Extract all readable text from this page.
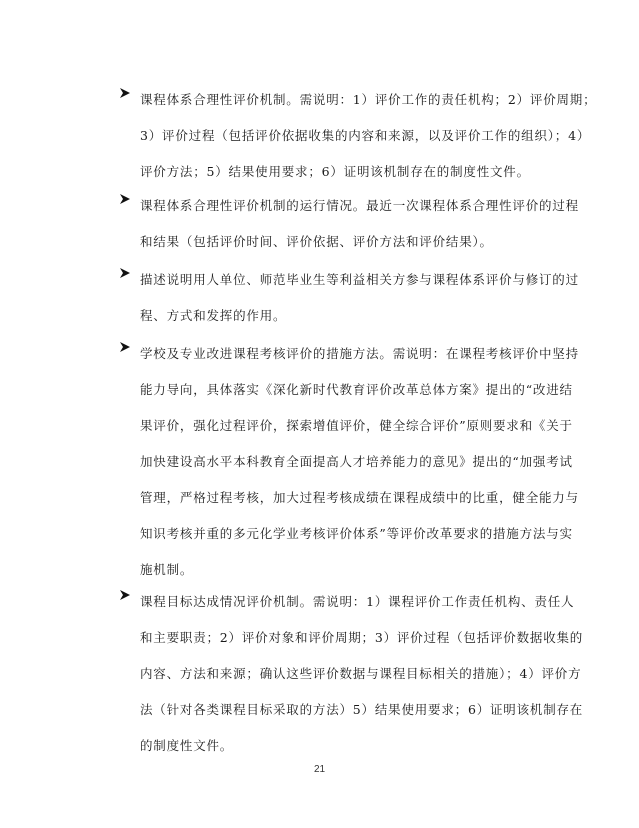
课程体系合理性评价机制。需说明：1）评价工作的责任机构；2）评价周期；
3）评价过程（包括评价依据收集的内容和来源，以及评价工作的组织）；4）
评价方法；5）结果使用要求；6）证明该机制存在的制度性文件。
课程体系合理性评价机制的运行情况。最近一次课程体系合理性评价的过程
和结果（包括评价时间、评价依据、评价方法和评价结果）。
描述说明用人单位、师范毕业生等利益相关方参与课程体系评价与修订的过
程、方式和发挥的作用。
学校及专业改进课程考核评价的措施方法。需说明：在课程考核评价中坚持
能力导向，具体落实《深化新时代教育评价改革总体方案》提出的“改进结
果评价，强化过程评价，探索增值评价，健全综合评价”原则要求和《关于
加快建设高水平本科教育全面提高人才培养能力的意见》提出的“加强考试
管理，严格过程考核，加大过程考核成绩在课程成绩中的比重，健全能力与
知识考核并重的多元化学业考核评价体系”等评价改革要求的措施方法与实
施机制。
课程目标达成情况评价机制。需说明：1）课程评价工作责任机构、责任人
和主要职责；2）评价对象和评价周期；3）评价过程（包括评价数据收集的
内容、方法和来源；确认这些评价数据与课程目标相关的措施）；4）评价方
法（针对各类课程目标采取的方法）5）结果使用要求；6）证明该机制存在
的制度性文件。
21
